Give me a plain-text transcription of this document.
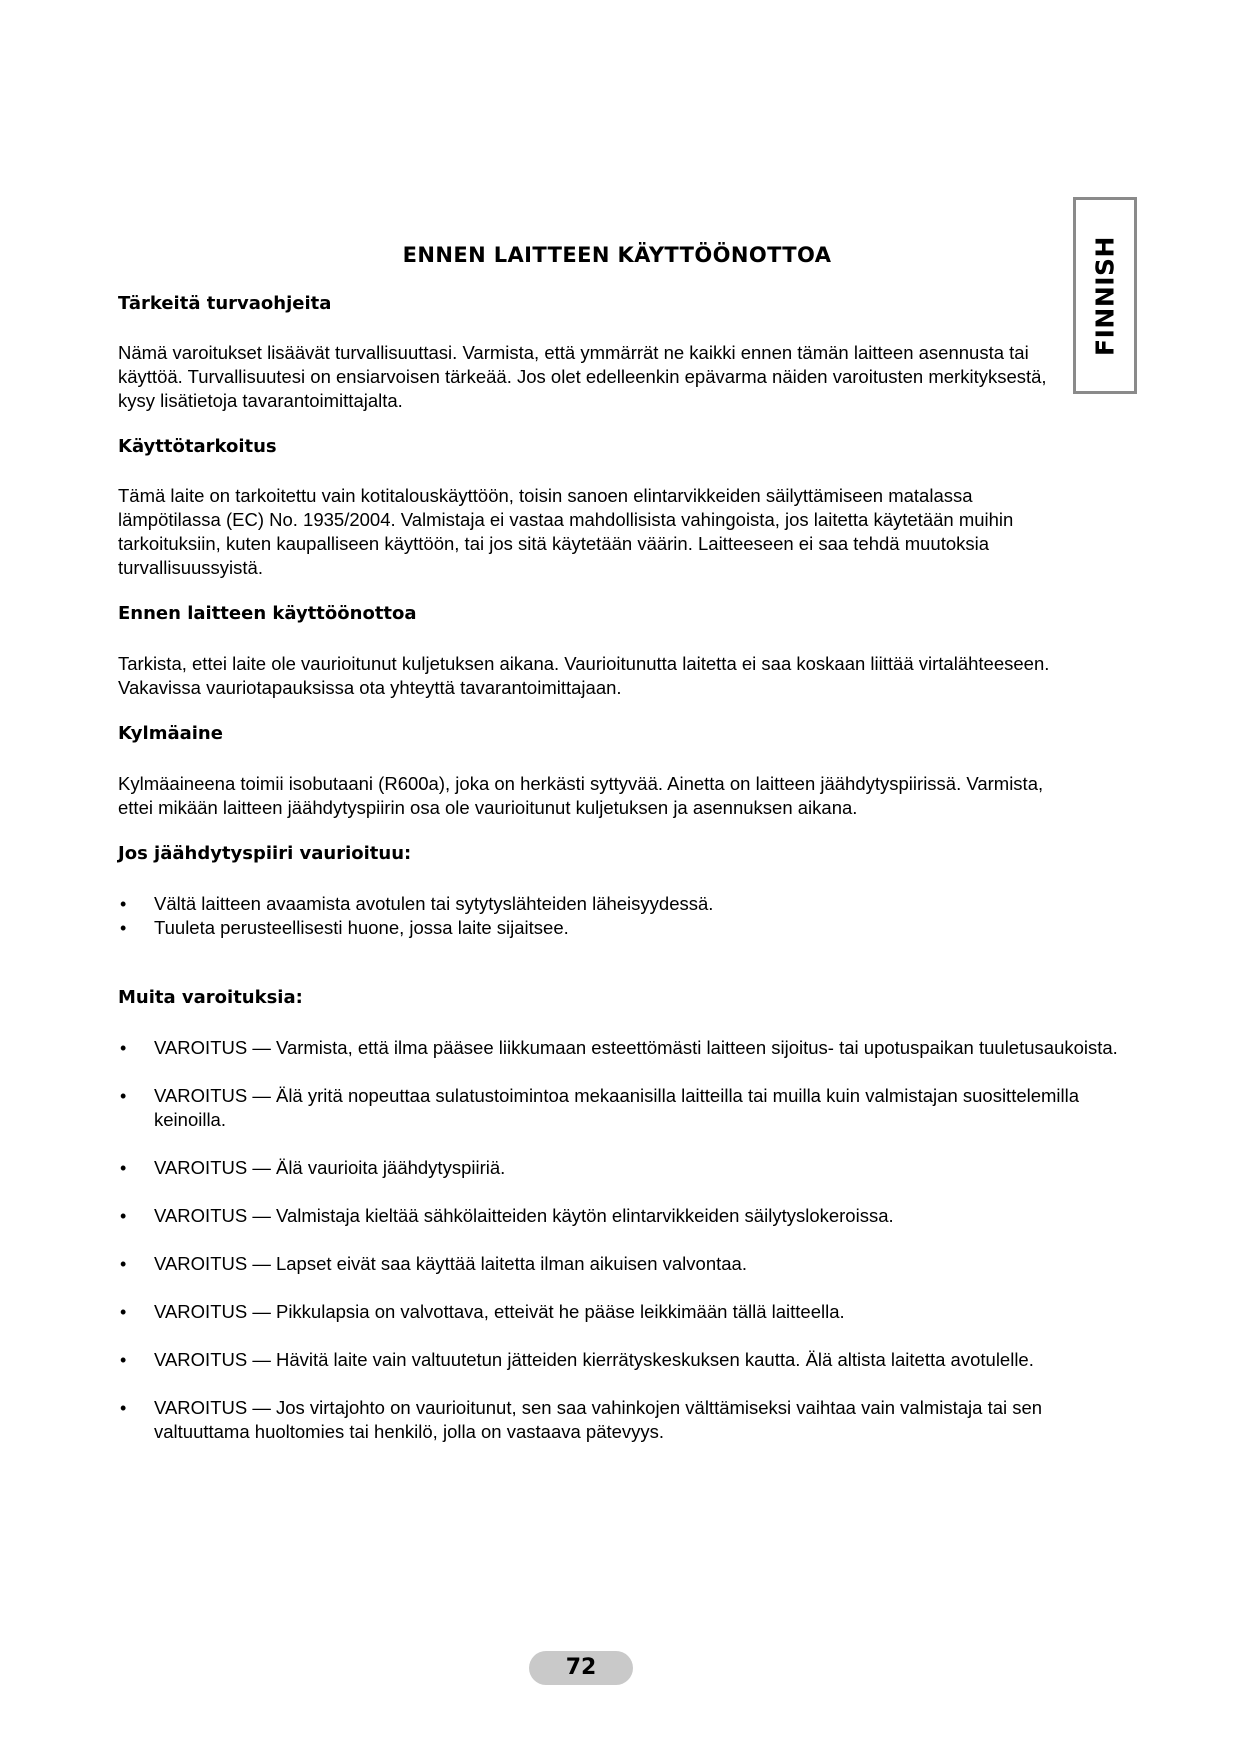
FINNISH
ENNEN LAITTEEN KÄYTTÖÖNOTTOA
Tärkeitä turvaohjeita

Nämä varoitukset lisäävät turvallisuuttasi. Varmista, että ymmärrät ne kaikki ennen tämän laitteen asennusta tai käyttöä. Turvallisuutesi on ensiarvoisen tärkeää. Jos olet edelleenkin epävarma näiden varoitusten merkityksestä, kysy lisätietoja tavarantoimittajalta.

Käyttötarkoitus

Tämä laite on tarkoitettu vain kotitalouskäyttöön, toisin sanoen elintarvikkeiden säilyttämiseen matalassa lämpötilassa (EC) No. 1935/2004. Valmistaja ei vastaa mahdollisista vahingoista, jos laitetta käytetään muihin tarkoituksiin, kuten kaupalliseen käyttöön, tai jos sitä käytetään väärin. Laitteeseen ei saa tehdä muutoksia turvallisuussyistä.

Ennen laitteen käyttöönottoa

Tarkista, ettei laite ole vaurioitunut kuljetuksen aikana. Vaurioitunutta laitetta ei saa koskaan liittää virtalähteeseen. Vakavissa vauriotapauksissa ota yhteyttä tavarantoimittajaan.

Kylmäaine

Kylmäaineena toimii isobutaani (R600a), joka on herkästi syttyvää. Ainetta on laitteen jäähdytyspiirissä. Varmista, ettei mikään laitteen jäähdytyspiirin osa ole vaurioitunut kuljetuksen ja asennuksen aikana.

Jos jäähdytyspiiri vaurioituu:
• Vältä laitteen avaamista avotulen tai sytytyslähteiden läheisyydessä.
• Tuuleta perusteellisesti huone, jossa laite sijaitsee.
Muita varoituksia:
• VAROITUS — Varmista, että ilma pääsee liikkumaan esteettömästi laitteen sijoitus- tai upotuspaikan tuuletusaukoista.
• VAROITUS — Älä yritä nopeuttaa sulatustoimintoa mekaanisilla laitteilla tai muilla kuin valmistajan suosittelemilla keinoilla.
• VAROITUS — Älä vaurioita jäähdytyspiiriä.
• VAROITUS — Valmistaja kieltää sähkölaitteiden käytön elintarvikkeiden säilytyslokeroissa.
• VAROITUS — Lapset eivät saa käyttää laitetta ilman aikuisen valvontaa.
• VAROITUS — Pikkulapsia on valvottava, etteivät he pääse leikkimään tällä laitteella.
• VAROITUS — Hävitä laite vain valtuutetun jätteiden kierrätyskeskuksen kautta. Älä altista laitetta avotulelle.
• VAROITUS — Jos virtajohto on vaurioitunut, sen saa vahinkojen välttämiseksi vaihtaa vain valmistaja tai sen valtuuttama huoltomies tai henkilö, jolla on vastaava pätevyys.
72
